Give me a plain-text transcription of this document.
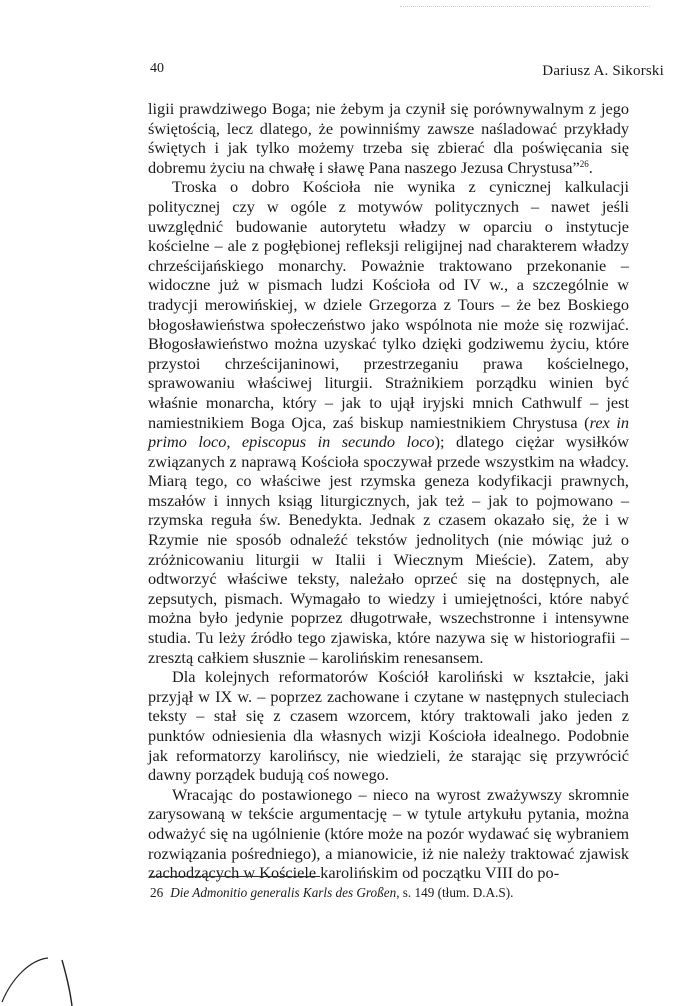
40	Dariusz A. Sikorski

ligii prawdziwego Boga; nie żebym ja czynił się porównywalnym z jego świętością, lecz dlatego, że powinniśmy zawsze naśladować przykłady świętych i jak tylko możemy trzeba się zbierać dla poświęcania się dobremu życiu na chwałę i sławę Pana naszego Jezusa Chrystusa”$^{26}$.

Troska o dobro Kościoła nie wynika z cynicznej kalkulacji politycznej czy w ogóle z motywów politycznych – nawet jeśli uwzględnić budowanie autorytetu władzy w oparciu o instytucje kościelne – ale z pogłębionej refleksji religijnej nad charakterem władzy chrześcijańskiego monarchy. Poważnie traktowano przekonanie – widoczne już w pismach ludzi Kościoła od IV w., a szczególnie w tradycji merowińskiej, w dziele Grzegorza z Tours – że bez Boskiego błogosławieństwa społeczeństwo jako wspólnota nie może się rozwijać. Błogosławieństwo można uzyskać tylko dzięki godziwemu życiu, które przystoi chrześcijaninowi, przestrzeganiu prawa kościelnego, sprawowaniu właściwej liturgii. Strażnikiem porządku winien być właśnie monarcha, który – jak to ujął iryjski mnich Cathwulf – jest namiestnikiem Boga Ojca, zaś biskup namiestnikiem Chrystusa (rex in primo loco, episcopus in secundo loco); dlatego ciężar wysiłków związanych z naprawą Kościoła spoczywał przede wszystkim na władcy. Miarą tego, co właściwe jest rzymska geneza kodyfikacji prawnych, mszałów i innych ksiąg liturgicznych, jak też – jak to pojmowano – rzymska reguła św. Benedykta. Jednak z czasem okazało się, że i w Rzymie nie sposób odnaleźć tekstów jednolitych (nie mówiąc już o zróżnicowaniu liturgii w Italii i Wiecznym Mieście). Zatem, aby odtworzyć właściwe teksty, należało oprzeć się na dostępnych, ale zepsutych, pismach. Wymagało to wiedzy i umiejętności, które nabyć można było jedynie poprzez długotrwałe, wszechstronne i intensywne studia. Tu leży źródło tego zjawiska, które nazywa się w historiografii – zresztą całkiem słusznie – karolińskim renesansem.

Dla kolejnych reformatorów Kościół karoliński w kształcie, jaki przyjął w IX w. – poprzez zachowane i czytane w następnych stuleciach teksty – stał się z czasem wzorcem, który traktowali jako jeden z punktów odniesienia dla własnych wizji Kościoła idealnego. Podobnie jak reformatorzy karolińscy, nie wiedzieli, że starając się przywrócić dawny porządek budują coś nowego.

Wracając do postawionego – nieco na wyrost zważywszy skromnie zarysowaną w tekście argumentację – w tytule artykułu pytania, można odważyć się na ugólnienie (które może na pozór wydawać się wybraniem rozwiązania pośredniego), a mianowicie, iż nie należy traktować zjawisk zachodzących w Kościele karolińskim od początku VIII do po-

26 Die Admonitio generalis Karls des Großen, s. 149 (tłum. D.A.S).
